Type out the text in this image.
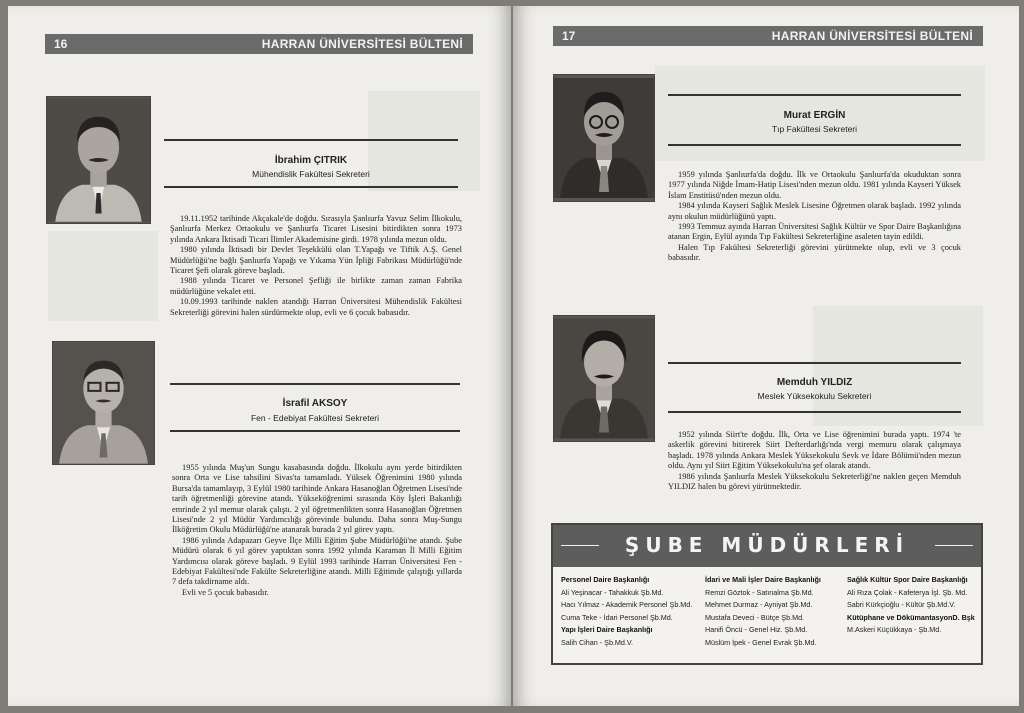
16	HARRAN ÜNİVERSİTESİ BÜLTENİ
İbrahim ÇITRIK
Mühendislik Fakültesi Sekreteri

19.11.1952 tarihinde Akçakale'de doğdu. Sırasıyla Şanlıurfa Yavuz Selim İlkokulu, Şanlıurfa Merkez Ortaokulu ve Şanlıurfa Ticaret Lisesini bitirdikten sonra 1973 yılında Ankara İktisadi Ticari İlimler Akademisine girdi. 1978 yılında mezun oldu.

1980 yılında İktisadi bir Devlet Teşekkülü olan T.Yapağı ve Tiftik A.Ş. Genel Müdürlüğü'ne bağlı Şanlıurfa Yapağı ve Yıkama Yün İpliği Fabrikası Müdürlüğü'nde Ticaret Şefi olarak göreve başladı.

1988 yılında Ticaret ve Personel Şefliği ile birlikte zaman zaman Fabrika müdürlüğüne vekalet etti.

10.09.1993 tarihinde naklen atandığı Harran Üniversitesi Mühendislik Fakültesi Sekreterliği görevini halen sürdürmekte olup, evli ve 6 çocuk babasıdır.

İsrafil AKSOY
Fen - Edebiyat Fakültesi Sekreteri

1955 yılında Muş'un Sungu kasabasında doğdu. İlkokulu aynı yerde bitirdikten sonra Orta ve Lise tahsilini Sivas'ta tamamladı. Yüksek Öğrenimini 1980 yılında Bursa'da tamamlayıp, 3 Eylül 1980 tarihinde Ankara Hasanoğlan Öğretmen Lisesi'nde tarih öğretmenliği görevine atandı. Yükseköğrenimi sırasında Köy İşleri Bakanlığı emrinde 2 yıl memur olarak çalıştı. 2 yıl öğretmenlikten sonra Hasanoğlan Öğretmen Lisesi'nde 2 yıl Müdür Yardımcılığı görevinde bulundu. Daha sonra Muş-Sungu İlköğretim Okulu Müdürlüğü'ne atanarak burada 2 yıl görev yaptı.

1986 yılında Adapazarı Geyve İlçe Milli Eğitim Şube Müdürlüğü'ne atandı. Şube Müdürü olarak 6 yıl görev yaptıktan sonra 1992 yılında Karaman İl Milli Eğitim Yardımcısı olarak göreve başladı. 9 Eylül 1993 tarihinde Harran Üniversitesi Fen - Edebiyat Fakültesi'nde Fakülte Sekreterliğine atandı. Milli Eğitimde çalıştığı yıllarda 7 defa takdirname aldı.

Evli ve 5 çocuk babasıdır.

17	HARRAN ÜNİVERSİTESİ BÜLTENİ
Murat ERGİN
Tıp Fakültesi Sekreteri

1959 yılında Şanlıurfa'da doğdu. İlk ve Ortaokulu Şanlıurfa'da okuduktan sonra 1977 yılında Niğde İmam-Hatip Lisesi'nden mezun oldu. 1981 yılında Kayseri Yüksek İslam Enstitüsü'nden mezun oldu.

1984 yılında Kayseri Sağlık Meslek Lisesine Öğretmen olarak başladı. 1992 yılında aynı okulun müdürlüğünü yaptı.

1993 Temmuz ayında Harran Üniversitesi Sağlık Kültür ve Spor Daire Başkanlığına atanan Ergin, Eylül ayında Tıp Fakültesi Sekreterliğine asaleten tayin edildi.

Halen Tıp Fakültesi Sekreterliği görevini yürütmekte olup, evli ve 3 çocuk babasıdır.

Memduh YILDIZ
Meslek Yüksekokulu Sekreteri

1952 yılında Siirt'te doğdu. İlk, Orta ve Lise öğrenimini burada yaptı. 1974 'te askerlik görevini bitirerek Siirt Defterdarlığı'nda vergi memuru olarak çalışmaya başladı. 1978 yılında Ankara Meslek Yüksekokulu Sevk ve İdare Bölümü'nden mezun oldu. Aynı yıl Siirt Eğitim Yüksekokulu'na şef olarak atandı.

1986 yılında Şanlıurfa Meslek Yüksekokulu Sekreterliği'ne naklen geçen Memduh YILDIZ halen bu görevi yürütmektedir.

ŞUBE MÜDÜRLERİ
Personel Daire Başkanlığı
Ali Yeşinacar - Tahakkuk Şb.Md.
Hacı Yılmaz - Akademik Personel Şb.Md.
Cuma Teke - İdari Personel Şb.Md.
Yapı İşleri Daire Başkanlığı
Salih Cihan - Şb.Md.V.
İdari ve Mali İşler Daire Başkanlığı
Remzi Göztok - Satınalma Şb.Md.
Mehmet Durmaz - Ayniyat Şb.Md.
Mustafa Deveci - Bütçe Şb.Md.
Hanifi Öncü - Genel Hiz. Şb.Md.
Müslüm İpek - Genel Evrak Şb.Md.
Sağlık Kültür Spor Daire Başkanlığı
Ali Rıza Çolak - Kafeterya İşl. Şb. Md.
Sabri Kürkçioğlu - Kültür Şb.Md.V.
Kütüphane ve DökümantasyonD. Bşk
M.Askeri Küçükkaya - Şb.Md.
